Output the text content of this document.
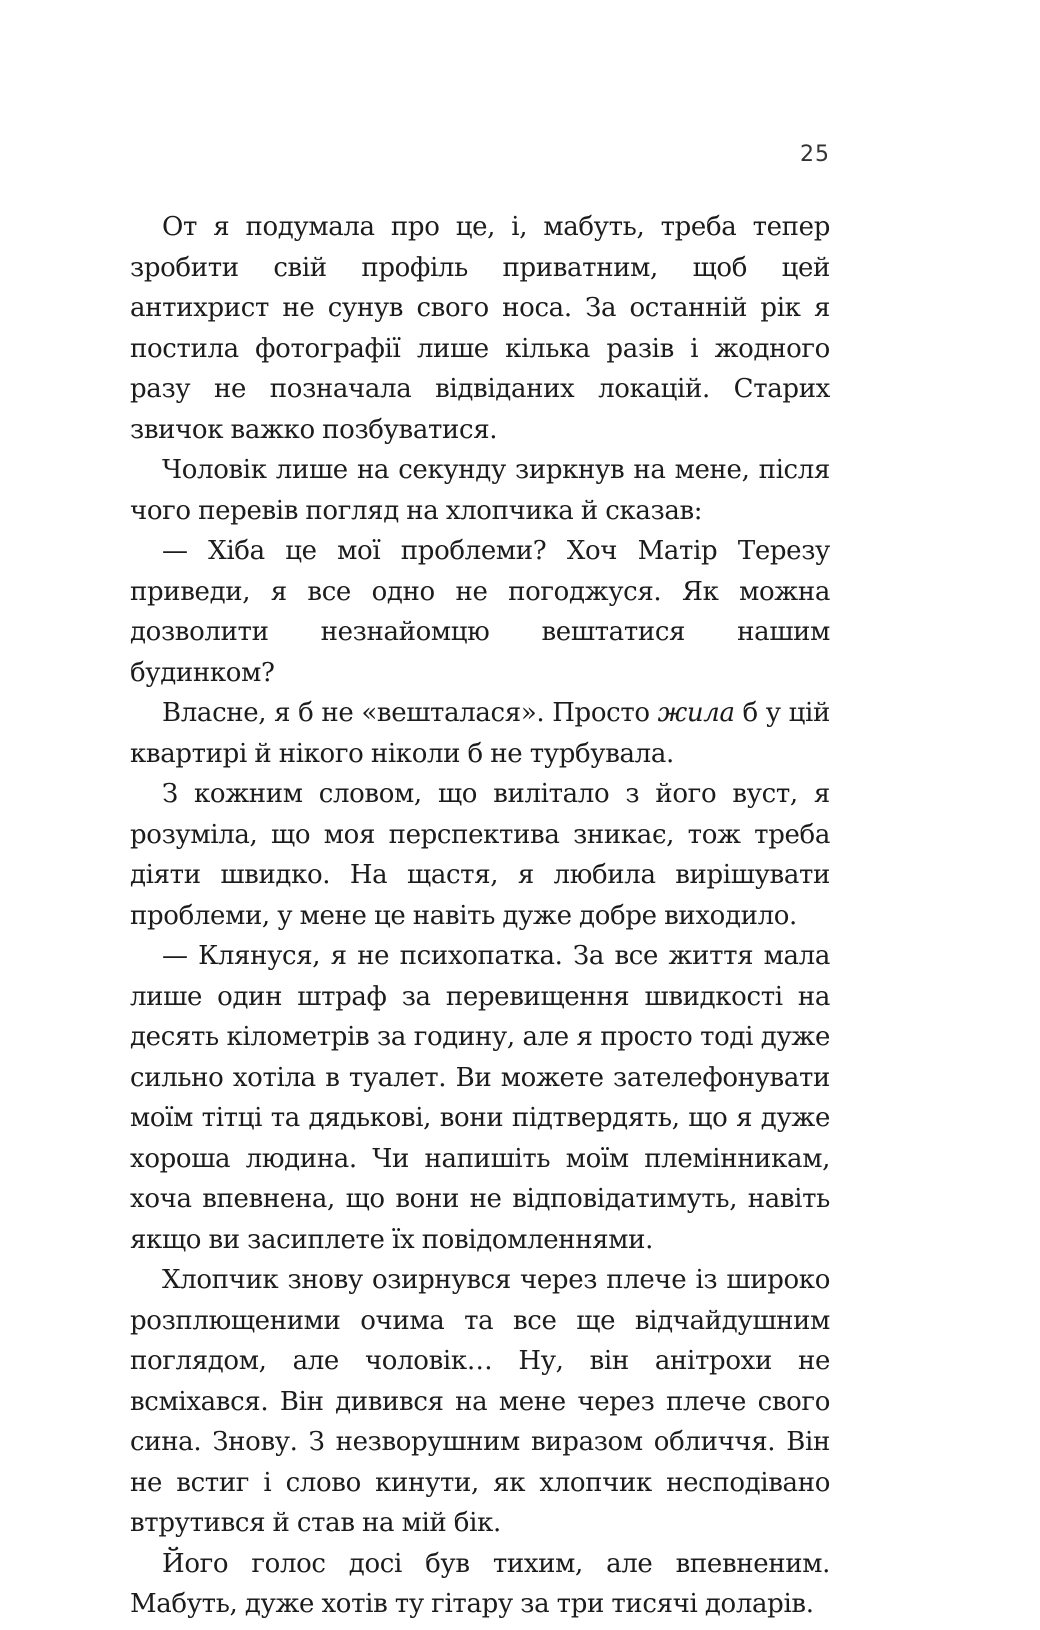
25

От я подумала про це, і, мабуть, треба тепер зробити свій профіль приватним, щоб цей антихрист не сунув свого носа. За останній рік я постила фотографії лише кілька разів і жодного разу не позначала відвіданих локацій. Старих звичок важко позбуватися.

Чоловік лише на секунду зиркнув на мене, після чого перевів погляд на хлопчика й сказав:

— Хіба це мої проблеми? Хоч Матір Терезу приведи, я все одно не погоджуся. Як можна дозволити незнайомцю вештатися нашим будинком?

Власне, я б не «вешталася». Просто жила б у цій квартирі й нікого ніколи б не турбувала.

З кожним словом, що вилітало з його вуст, я розуміла, що моя перспектива зникає, тож треба діяти швидко. На щастя, я любила вирішувати проблеми, у мене це навіть дуже добре виходило.

— Клянуся, я не психопатка. За все життя мала лише один штраф за перевищення швидкості на десять кілометрів за годину, але я просто тоді дуже сильно хотіла в туалет. Ви можете зателефонувати моїм тітці та дядькові, вони підтвердять, що я дуже хороша людина. Чи напишіть моїм племінникам, хоча впевнена, що вони не відповідатимуть, навіть якщо ви засиплете їх повідомленнями.

Хлопчик знову озирнувся через плече із широко розплющеними очима та все ще відчайдушним поглядом, але чоловік… Ну, він анітрохи не всміхався. Він дивився на мене через плече свого сина. Знову. З незворушним виразом обличчя. Він не встиг і слово кинути, як хлопчик несподівано втрутився й став на мій бік.

Його голос досі був тихим, але впевненим. Мабуть, дуже хотів ту гітару за три тисячі доларів.
